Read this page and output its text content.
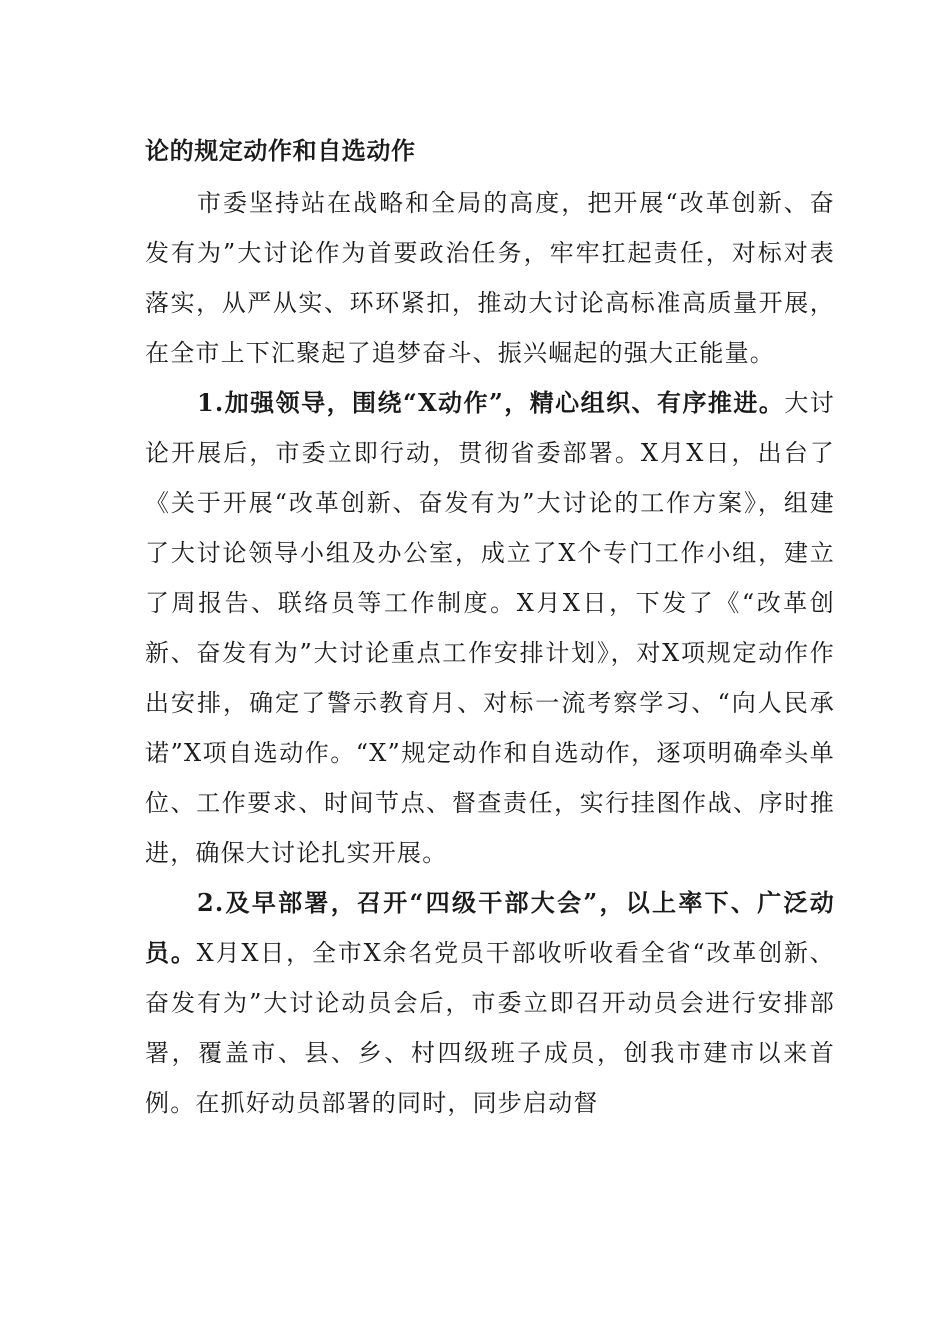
论的规定动作和自选动作

市委坚持站在战略和全局的高度，把开展“改革创新、奋发有为”大讨论作为首要政治任务，牢牢扛起责任，对标对表落实，从严从实、环环紧扣，推动大讨论高标准高质量开展，在全市上下汇聚起了追梦奋斗、振兴崛起的强大正能量。

1.加强领导，围绕“X动作”，精心组织、有序推进。大讨论开展后，市委立即行动，贯彻省委部署。X月X日，出台了《关于开展“改革创新、奋发有为”大讨论的工作方案》，组建了大讨论领导小组及办公室，成立了X个专门工作小组，建立了周报告、联络员等工作制度。X月X日，下发了《“改革创新、奋发有为”大讨论重点工作安排计划》，对X项规定动作作出安排，确定了警示教育月、对标一流考察学习、“向人民承诺”X项自选动作。“X”规定动作和自选动作，逐项明确牵头单位、工作要求、时间节点、督查责任，实行挂图作战、序时推进，确保大讨论扎实开展。

2.及早部署，召开“四级干部大会”，以上率下、广泛动员。X月X日，全市X余名党员干部收听收看全省“改革创新、奋发有为”大讨论动员会后，市委立即召开动员会进行安排部署，覆盖市、县、乡、村四级班子成员，创我市建市以来首例。在抓好动员部署的同时，同步启动督
